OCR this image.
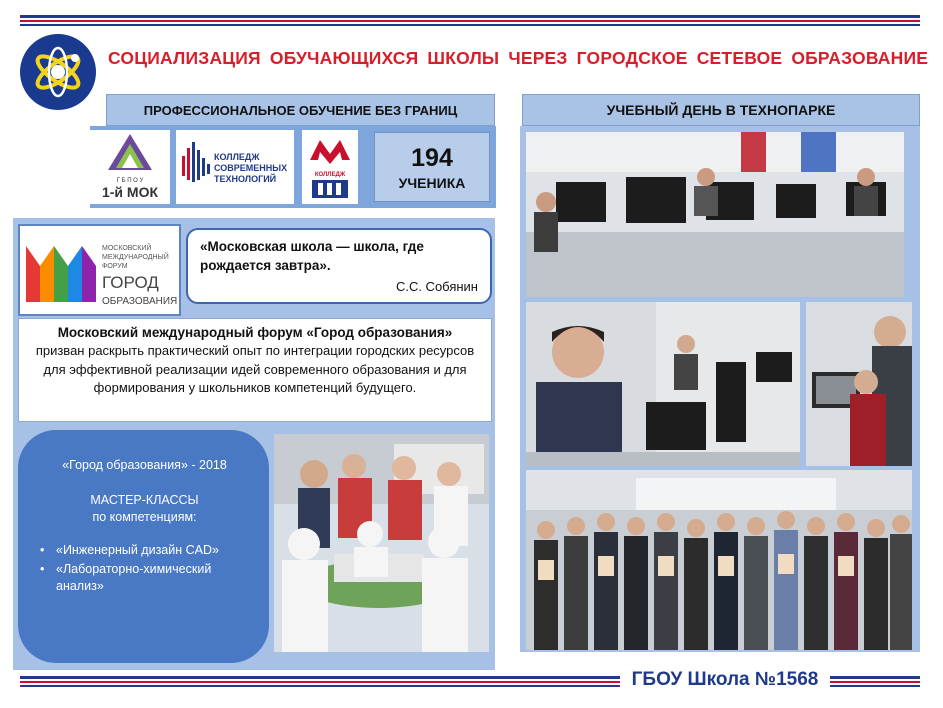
СОЦИАЛИЗАЦИЯ ОБУЧАЮЩИХСЯ ШКОЛЫ ЧЕРЕЗ ГОРОДСКОЕ СЕТЕВОЕ ОБРАЗОВАНИЕ
ПРОФЕССИОНАЛЬНОЕ ОБУЧЕНИЕ БЕЗ ГРАНИЦ
Г Б П О У
1-й МОК
КОЛЛЕДЖ
СОВРЕМЕННЫХ
ТЕХНОЛОГИЙ	КОЛЛЕДЖ
194
УЧЕНИКА
МОСКОВСКИЙ
МЕЖДУНАРОДНЫЙ
ФОРУМ
ГОРОД
ОБРАЗОВАНИЯ
«Московская школа — школа, где рождается завтра».
С.С. Собянин
Московский международный форум «Город образования»
призван раскрыть практический опыт по интеграции городских ресурсов для эффективной реализации идей современного образования и для формирования у школьников компетенций будущего.
«Город образования» - 2018
МАСТЕР-КЛАССЫ
по компетенциям:
• «Инженерный дизайн CAD»
• «Лабораторно-химический анализ»
УЧЕБНЫЙ ДЕНЬ В ТЕХНОПАРКЕ
ГБОУ Школа №1568
